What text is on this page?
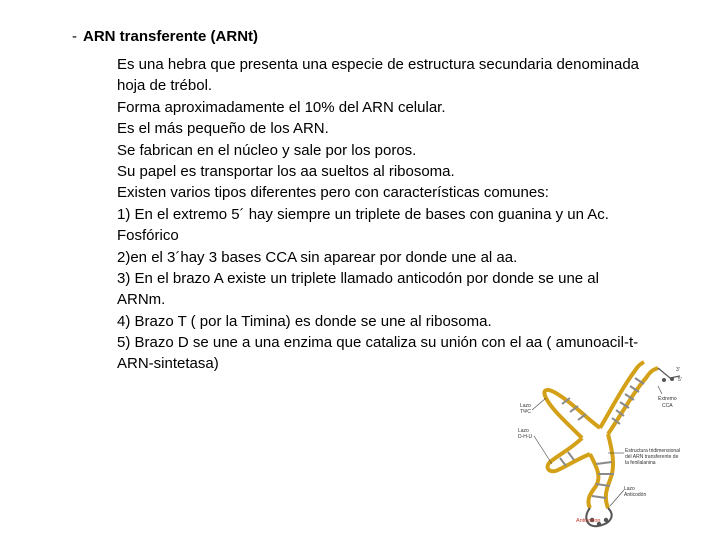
- ARN transferente (ARNt)
Es una hebra que presenta una especie de estructura secundaria denominada
hoja de trébol.
Forma aproximadamente el 10% del ARN celular.
Es el más pequeño de los ARN.
Se fabrican en el núcleo y sale por los poros.
Su papel es transportar los aa sueltos al ribosoma.
Existen varios tipos diferentes pero con características comunes:
1) En el extremo 5´ hay siempre un triplete de bases con guanina y un Ac.
Fosfórico
2)en el 3´hay 3 bases CCA sin aparear por donde une al aa.
3) En el brazo A existe un triplete llamado anticodón por donde se une al
ARNm.
4) Brazo T ( por la Timina) es donde se une al ribosoma.
5) Brazo D se une a una enzima que cataliza su unión con el aa ( amunoacil-t-
ARN-sintetasa)	3'
5'
Extremo
CCA
Lazo
TΨC
Lazo
D-H-U
Estructura tridimensional
del ARN transferente de
la fenilalanina
Lazo
Anticodón
Anticodon
